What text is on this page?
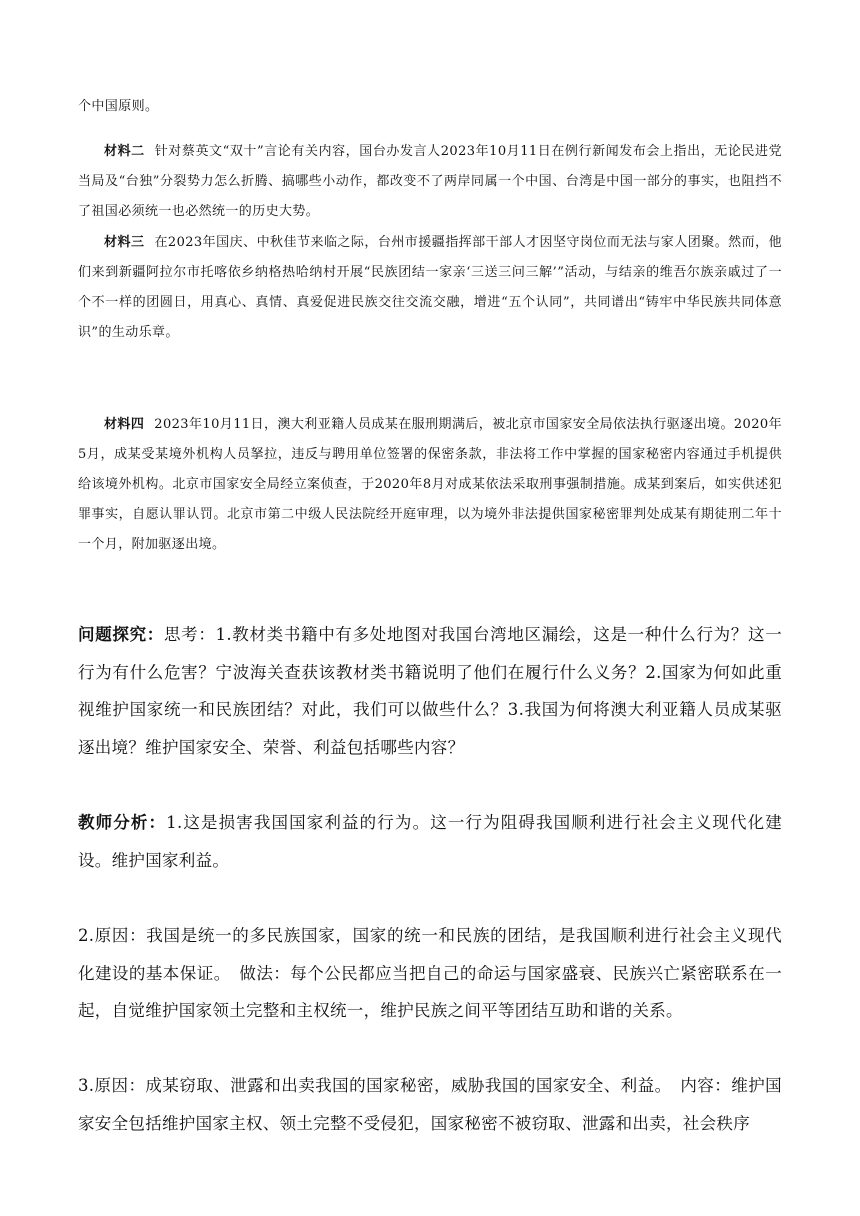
个中国原则。

材料二 针对蔡英文“双十”言论有关内容，国台办发言人2023年10月11日在例行新闻发布会上指出，无论民进党当局及“台独”分裂势力怎么折腾、搞哪些小动作，都改变不了两岸同属一个中国、台湾是中国一部分的事实，也阻挡不了祖国必须统一也必然统一的历史大势。

材料三 在2023年国庆、中秋佳节来临之际，台州市援疆指挥部干部人才因坚守岗位而无法与家人团聚。然而，他们来到新疆阿拉尔市托喀依乡纳格热哈纳村开展“民族团结一家亲‘三送三问三解’”活动，与结亲的维吾尔族亲戚过了一个不一样的团圆日，用真心、真情、真爱促进民族交往交流交融，增进“五个认同”，共同谱出“铸牢中华民族共同体意识”的生动乐章。

材料四 2023年10月11日，澳大利亚籍人员成某在服刑期满后，被北京市国家安全局依法执行驱逐出境。2020年5月，成某受某境外机构人员拏拉，违反与聘用单位签署的保密条款，非法将工作中掌握的国家秘密内容通过手机提供给该境外机构。北京市国家安全局经立案侦查，于2020年8月对成某依法采取刑事强制措施。成某到案后，如实供述犯罪事实，自愿认罪认罚。北京市第二中级人民法院经开庭审理，以为境外非法提供国家秘密罪判处成某有期徒刑二年十一个月，附加驱逐出境。

问题探究：思考：1.教材类书籍中有多处地图对我国台湾地区漏绘，这是一种什么行为？这一行为有什么危害？宁波海关查获该教材类书籍说明了他们在履行什么义务？2.国家为何如此重视维护国家统一和民族团结？对此，我们可以做些什么？3.我国为何将澳大利亚籍人员成某驱逐出境？维护国家安全、荣誉、利益包括哪些内容？

教师分析：1.这是损害我国国家利益的行为。这一行为阻碍我国顺利进行社会主义现代化建设。维护国家利益。

2.原因：我国是统一的多民族国家，国家的统一和民族的团结，是我国顺利进行社会主义现代化建设的基本保证。　做法：每个公民都应当把自己的命运与国家盛衰、民族兴亡紧密联系在一起，自觉维护国家领土完整和主权统一，维护民族之间平等团结互助和谐的关系。

3.原因：成某窃取、泄露和出卖我国的国家秘密，威胁我国的国家安全、利益。　内容：维护国家安全包括维护国家主权、领土完整不受侵犯，国家秘密不被窃取、泄露和出卖，社会秩序
